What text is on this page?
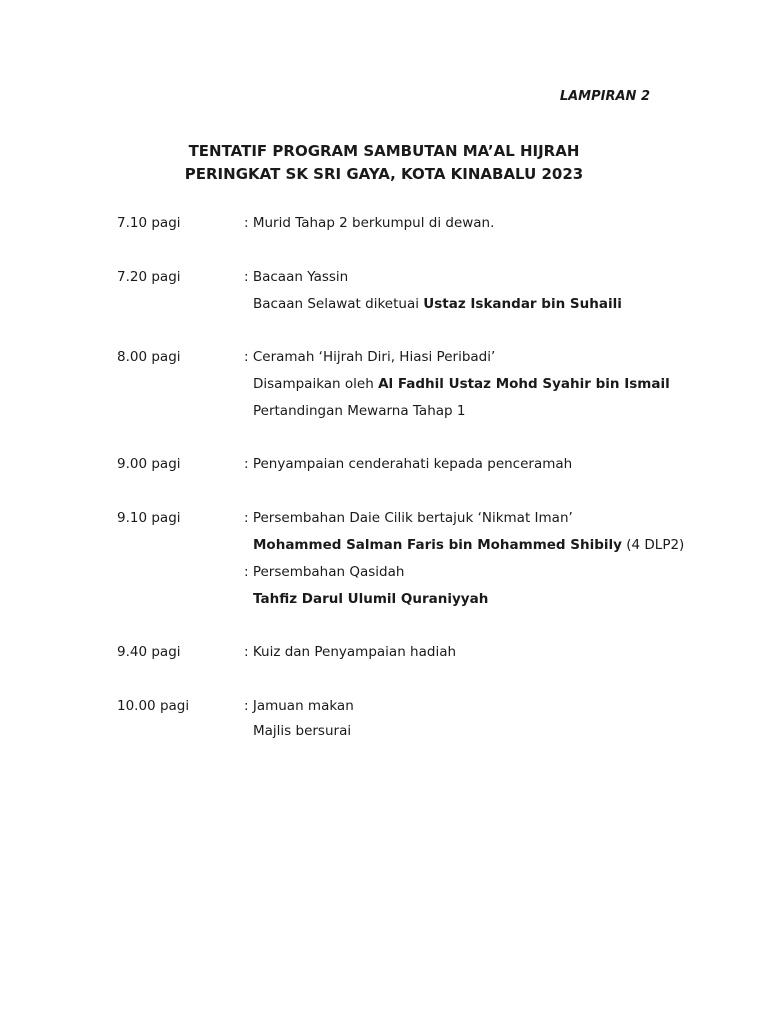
LAMPIRAN 2
TENTATIF PROGRAM SAMBUTAN MA’AL HIJRAH
PERINGKAT SK SRI GAYA, KOTA KINABALU 2023
7.10 pagi	: Murid Tahap 2 berkumpul di dewan.
7.20 pagi	: Bacaan Yassin
Bacaan Selawat diketuai Ustaz Iskandar bin Suhaili
8.00 pagi	: Ceramah ‘Hijrah Diri, Hiasi Peribadi’
Disampaikan oleh Al Fadhil Ustaz Mohd Syahir bin Ismail
Pertandingan Mewarna Tahap 1
9.00 pagi	: Penyampaian cenderahati kepada penceramah
9.10 pagi	: Persembahan Daie Cilik bertajuk ‘Nikmat Iman’
Mohammed Salman Faris bin Mohammed Shibily (4 DLP2)
: Persembahan Qasidah
Tahfiz Darul Ulumil Quraniyyah
9.40 pagi	: Kuiz dan Penyampaian hadiah
10.00 pagi	: Jamuan makan
Majlis bersurai
